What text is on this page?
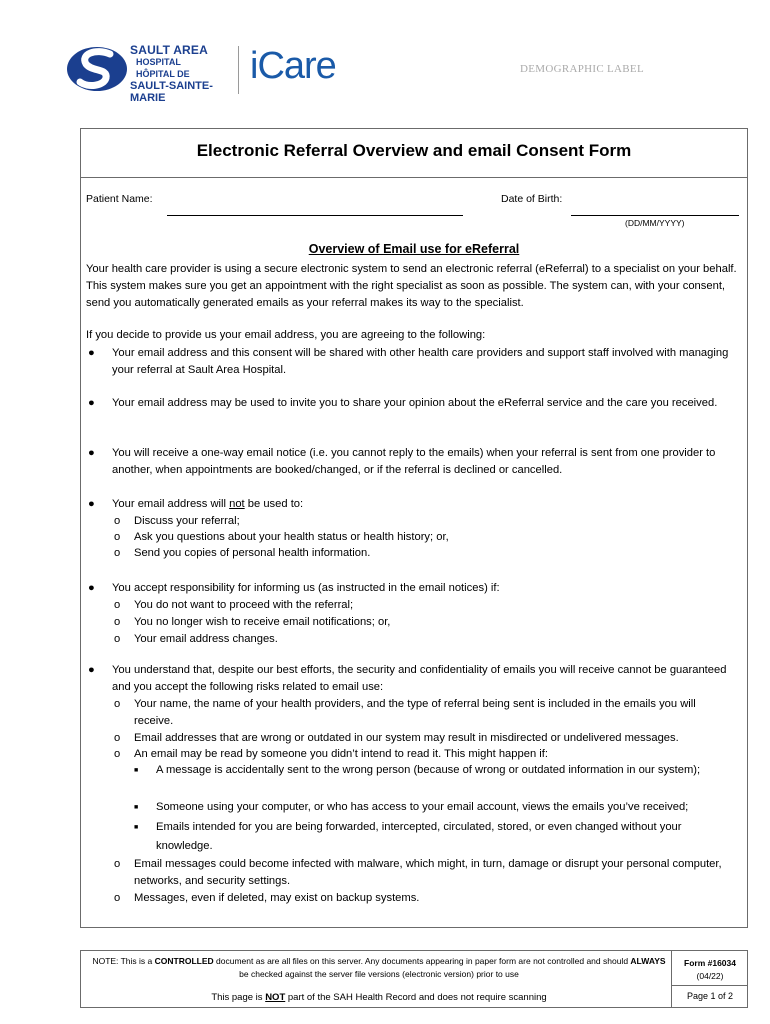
SAULT AREA
HOSPITAL
HÔPITAL DE
SAULT-SAINTE-MARIE
iCare	DEMOGRAPHIC LABEL
Electronic Referral Overview and email Consent Form
Patient Name:	Date of Birth:
(DD/MM/YYYY)
Overview of Email use for eReferral
Your health care provider is using a secure electronic system to send an electronic referral (eReferral) to a specialist on your behalf. This system makes sure you get an appointment with the right specialist as soon as possible. The system can, with your consent, send you automatically generated emails as your referral makes its way to the specialist.
If you decide to provide us your email address, you are agreeing to the following:
● Your email address and this consent will be shared with other health care providers and support staff involved with managing your referral at Sault Area Hospital.
● Your email address may be used to invite you to share your opinion about the eReferral service and the care you received.
● You will receive a one-way email notice (i.e. you cannot reply to the emails) when your referral is sent from one provider to another, when appointments are booked/changed, or if the referral is declined or cancelled.
● Your email address will not be used to:
o Discuss your referral;
o Ask you questions about your health status or health history; or,
o Send you copies of personal health information.
● You accept responsibility for informing us (as instructed in the email notices) if:
o You do not want to proceed with the referral;
o You no longer wish to receive email notifications; or,
o Your email address changes.
● You understand that, despite our best efforts, the security and confidentiality of emails you will receive cannot be guaranteed and you accept the following risks related to email use:
o Your name, the name of your health providers, and the type of referral being sent is included in the emails you will receive.
o Email addresses that are wrong or outdated in our system may result in misdirected or undelivered messages.
o An email may be read by someone you didn’t intend to read it. This might happen if:
■ A message is accidentally sent to the wrong person (because of wrong or outdated information in our system);
■ Someone using your computer, or who has access to your email account, views the emails you’ve received;
■ Emails intended for you are being forwarded, intercepted, circulated, stored, or even changed without your knowledge.
o Email messages could become infected with malware, which might, in turn, damage or disrupt your personal computer, networks, and security settings.
o Messages, even if deleted, may exist on backup systems.
NOTE: This is a CONTROLLED document as are all files on this server. Any documents appearing in paper form are not controlled and should ALWAYS be checked against the server file versions (electronic version) prior to use
This page is NOT part of the SAH Health Record and does not require scanning
Form #16034
(04/22)
Page 1 of 2
